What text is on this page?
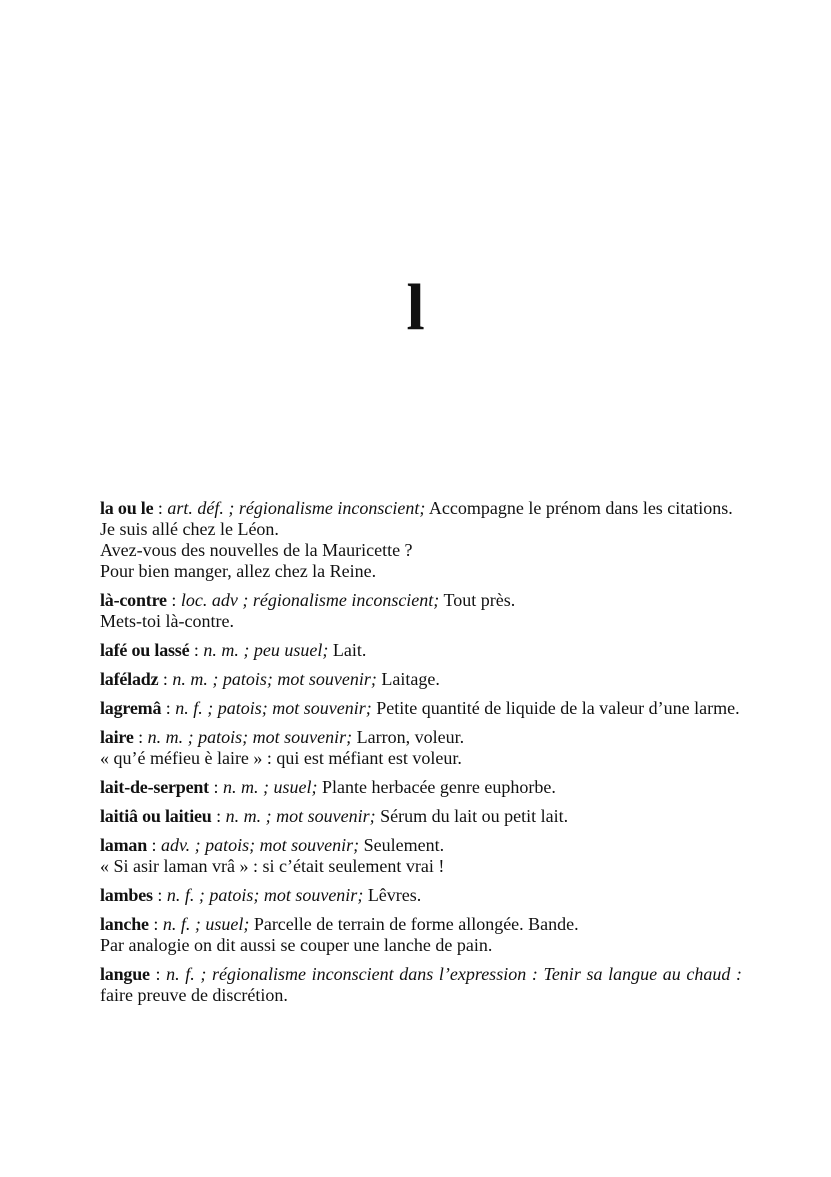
l

la ou le : art. déf. ; régionalisme inconscient; Accompagne le prénom dans les citations.

Je suis allé chez le Léon.

Avez-vous des nouvelles de la Mauricette ?

Pour bien manger, allez chez la Reine.

là-contre : loc. adv ; régionalisme inconscient; Tout près.

Mets-toi là-contre.

lafé ou lassé : n. m. ; peu usuel; Lait.

laféladz : n. m. ; patois; mot souvenir; Laitage.

lagremâ : n. f. ; patois; mot souvenir; Petite quantité de liquide de la valeur d’une larme.

laire : n. m. ; patois; mot souvenir; Larron, voleur.

« qu’é méfieu è laire » : qui est méfiant est voleur.

lait-de-serpent : n. m. ; usuel; Plante herbacée genre euphorbe.

laitiâ ou laitieu : n. m. ; mot souvenir; Sérum du lait ou petit lait.

laman : adv. ; patois; mot souvenir; Seulement.

« Si asir laman vrâ » : si c’était seulement vrai !

lambes : n. f. ; patois; mot souvenir; Lêvres.

lanche : n. f. ; usuel; Parcelle de terrain de forme allongée. Bande.

Par analogie on dit aussi se couper une lanche de pain.

langue : n. f. ; régionalisme inconscient dans l’expression : Tenir sa langue au chaud : faire preuve de discrétion.
